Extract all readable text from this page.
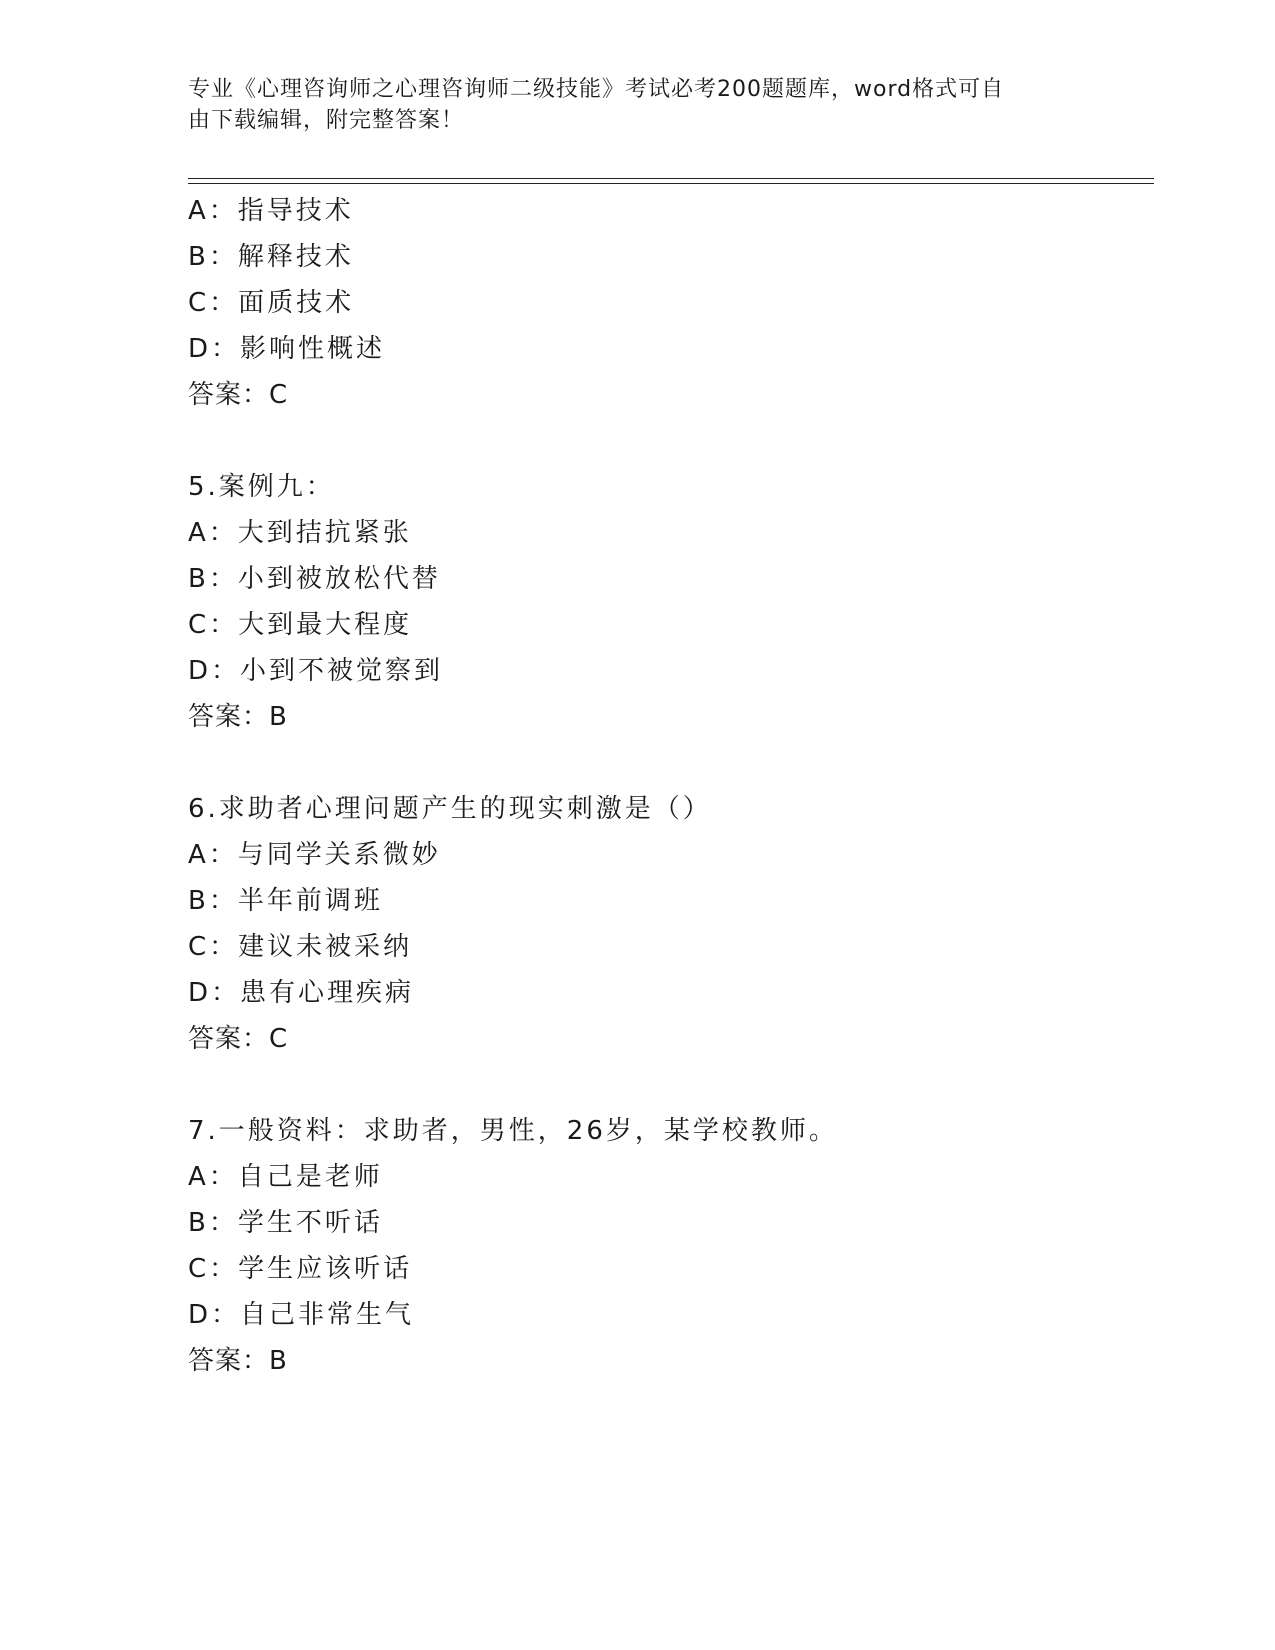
专业《心理咨询师之心理咨询师二级技能》考试必考200题题库，word格式可自
由下载编辑，附完整答案！
A：指导技术
B：解释技术
C：面质技术
D：影响性概述
答案：C
5.案例九：
A：大到拮抗紧张
B：小到被放松代替
C：大到最大程度
D：小到不被觉察到
答案：B
6.求助者心理问题产生的现实刺激是（）
A：与同学关系微妙
B：半年前调班
C：建议未被采纳
D：患有心理疾病
答案：C
7.一般资料：求助者，男性，26岁，某学校教师。
A：自己是老师
B：学生不听话
C：学生应该听话
D：自己非常生气
答案：B
